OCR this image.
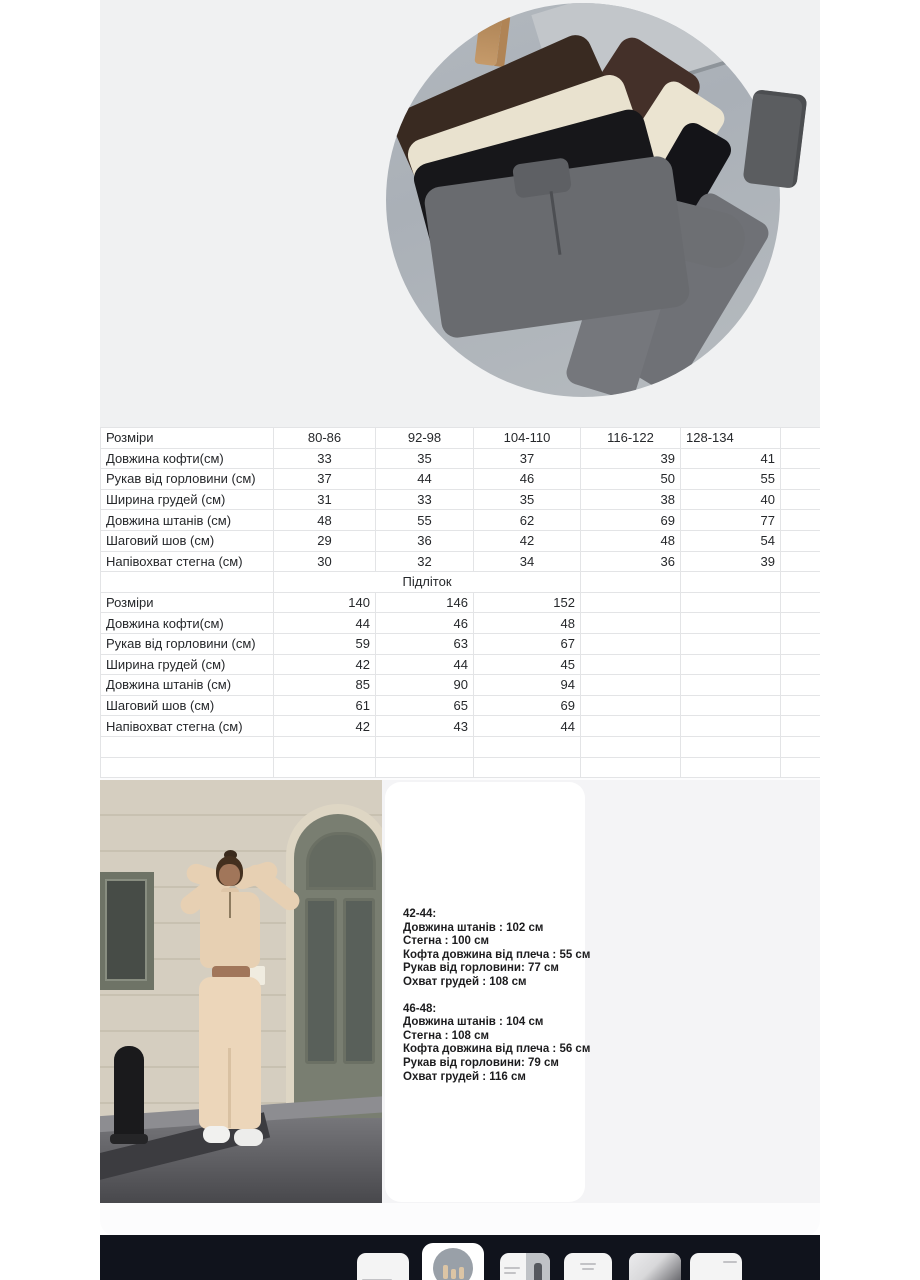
Розміри	80-86	92-98	104-110	116-122	128-134	
Довжина кофти(см)	33	35	37	39	41	
Рукав від горловини (см)	37	44	46	50	55	
Ширина грудей (см)	31	33	35	38	40	
Довжина штанів (см)	48	55	62	69	77	
Шаговий шов (см)	29	36	42	48	54	
Напівохват стегна (см)	30	32	34	36	39	
	Підліток					
Розміри	140	146	152			
Довжина кофти(см)	44	46	48			
Рукав від горловини (см)	59	63	67			
Ширина грудей (см)	42	44	45			
Довжина штанів (см)	85	90	94			
Шаговий шов (см)	61	65	69			
Напівохват стегна (см)	42	43	44			

42-44:
Довжина штанів : 102 см
Стегна : 100 см
Кофта довжина від плеча : 55 см
Рукав від горловини: 77 см
Охват грудей : 108 см
46-48:
Довжина штанів : 104 см
Стегна : 108 см
Кофта довжина від плеча : 56 см
Рукав від горловини: 79 см
Охват грудей : 116 см
